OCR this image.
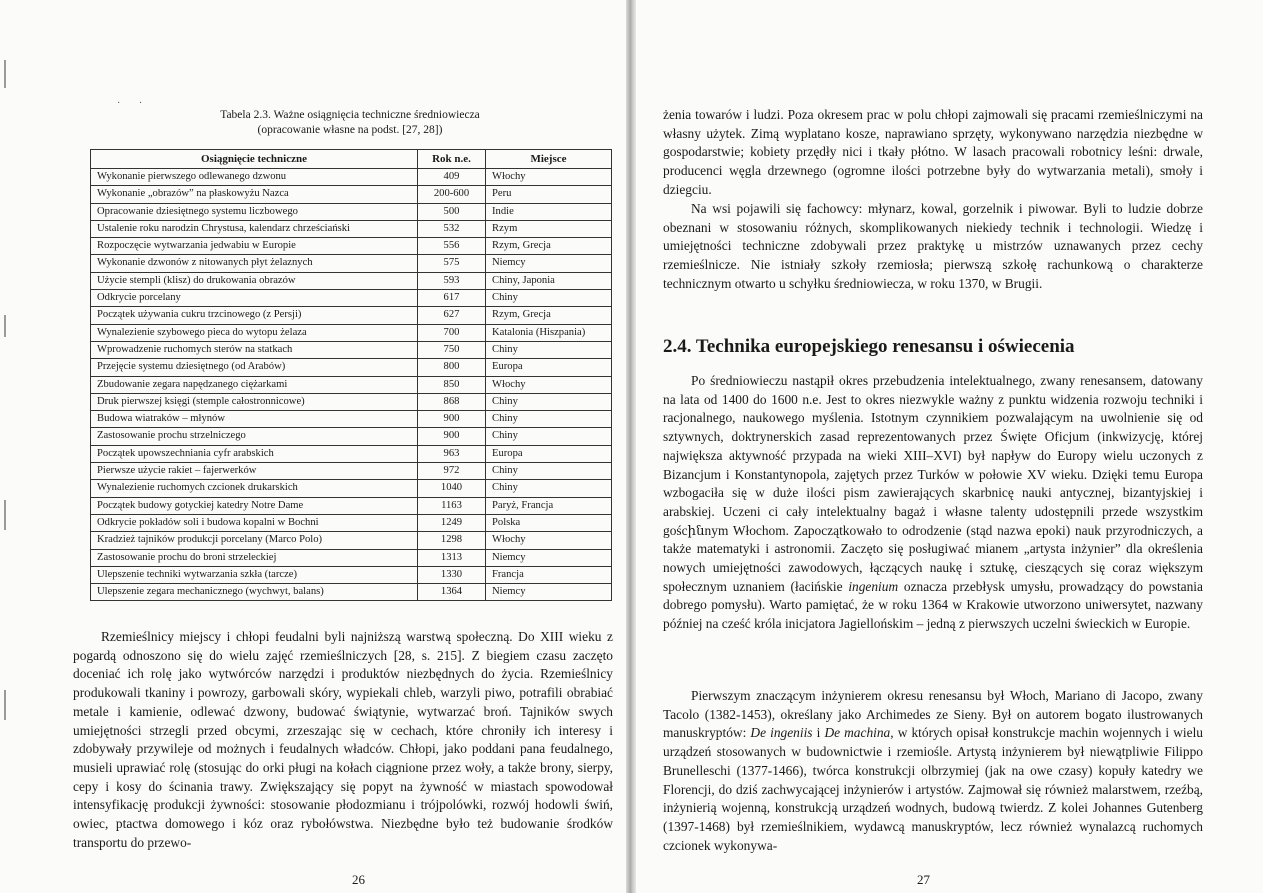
· ·
Tabela 2.3. Ważne osiągnięcia techniczne średniowiecza
(opracowanie własne na podst. [27, 28])
Osiągnięcie techniczne	Rok n.e.	Miejsce
Wykonanie pierwszego odlewanego dzwonu	409	Włochy
Wykonanie „obrazów” na płaskowyżu Nazca	200-600	Peru
Opracowanie dziesiętnego systemu liczbowego	500	Indie
Ustalenie roku narodzin Chrystusa, kalendarz chrześciański	532	Rzym
Rozpoczęcie wytwarzania jedwabiu w Europie	556	Rzym, Grecja
Wykonanie dzwonów z nitowanych płyt żelaznych	575	Niemcy
Użycie stempli (klisz) do drukowania obrazów	593	Chiny, Japonia
Odkrycie porcelany	617	Chiny
Początek używania cukru trzcinowego (z Persji)	627	Rzym, Grecja
Wynalezienie szybowego pieca do wytopu żelaza	700	Katalonia (Hiszpania)
Wprowadzenie ruchomych sterów na statkach	750	Chiny
Przejęcie systemu dziesiętnego (od Arabów)	800	Europa
Zbudowanie zegara napędzanego ciężarkami	850	Włochy
Druk pierwszej księgi (stemple całostronnicowe)	868	Chiny
Budowa wiatraków – młynów	900	Chiny
Zastosowanie prochu strzelniczego	900	Chiny
Początek upowszechniania cyfr arabskich	963	Europa
Pierwsze użycie rakiet – fajerwerków	972	Chiny
Wynalezienie ruchomych czcionek drukarskich	1040	Chiny
Początek budowy gotyckiej katedry Notre Dame	1163	Paryż, Francja
Odkrycie pokładów soli i budowa kopalni w Bochni	1249	Polska
Kradzież tajników produkcji porcelany (Marco Polo)	1298	Włochy
Zastosowanie prochu do broni strzeleckiej	1313	Niemcy
Ulepszenie techniki wytwarzania szkła (tarcze)	1330	Francja
Ulepszenie zegara mechanicznego (wychwyt, balans)	1364	Niemcy

Rzemieślnicy miejscy i chłopi feudalni byli najniższą warstwą społeczną. Do XIII wieku z pogardą odnoszono się do wielu zajęć rzemieślniczych [28, s. 215]. Z biegiem czasu zaczęto doceniać ich rolę jako wytwórców narzędzi i produktów niezbędnych do życia. Rzemieślnicy produkowali tkaniny i powrozy, garbowali skóry, wypiekali chleb, warzyli piwo, potrafili obrabiać metale i kamienie, odlewać dzwony, budować świątynie, wytwarzać broń. Tajników swych umiejętności strzegli przed obcymi, zrzeszając się w cechach, które chroniły ich interesy i zdobywały przywileje od możnych i feudalnych władców. Chłopi, jako poddani pana feudalnego, musieli uprawiać rolę (stosując do orki pługi na kołach ciągnione przez woły, a także brony, sierpy, cepy i kosy do ścinania trawy. Zwiększający się popyt na żywność w miastach spowodował intensyfikację produkcji żywności: stosowanie płodozmianu i trójpolówki, rozwój hodowli świń, owiec, ptactwa domowego i kóz oraz rybołówstwa. Niezbędne było też budowanie środków transportu do przewo-

26

żenia towarów i ludzi. Poza okresem prac w polu chłopi zajmowali się pracami rzemieślniczymi na własny użytek. Zimą wyplatano kosze, naprawiano sprzęty, wykonywano narzędzia niezbędne w gospodarstwie; kobiety przędły nici i tkały płótno. W lasach pracowali robotnicy leśni: drwale, producenci węgla drzewnego (ogromne ilości potrzebne były do wytwarzania metali), smoły i dziegciu.

Na wsi pojawili się fachowcy: młynarz, kowal, gorzelnik i piwowar. Byli to ludzie dobrze obeznani w stosowaniu różnych, skomplikowanych niekiedy technik i technologii. Wiedzę i umiejętności techniczne zdobywali przez praktykę u mistrzów uznawanych przez cechy rzemieślnicze. Nie istniały szkoły rzemiosła; pierwszą szkołę rachunkową o charakterze technicznym otwarto u schyłku średniowiecza, w roku 1370, w Brugii.

2.4. Technika europejskiego renesansu i oświecenia

Po średniowieczu nastąpił okres przebudzenia intelektualnego, zwany renesansem, datowany na lata od 1400 do 1600 n.e. Jest to okres niezwykle ważny z punktu widzenia rozwoju techniki i racjonalnego, naukowego myślenia. Istotnym czynnikiem pozwalającym na uwolnienie się od sztywnych, doktrynerskich zasad reprezentowanych przez Święte Oficjum (inkwizycję, której największa aktywność przypada na wieki XIII–XVI) był napływ do Europy wielu uczonych z Bizancjum i Konstantynopola, zajętych przez Turków w połowie XV wieku. Dzięki temu Europa wzbogaciła się w duże ilości pism zawierających skarbnicę nauki antycznej, bizantyjskiej i arabskiej. Uczeni ci cały intelektualny bagaż i własne talenty udostępnili przede wszystkim goścինnym Włochom. Zapoczątkowało to odrodzenie (stąd nazwa epoki) nauk przyrodniczych, a także matematyki i astronomii. Zaczęto się posługiwać mianem „artysta inżynier” dla określenia nowych umiejętności zawodowych, łączących naukę i sztukę, cieszących się coraz większym społecznym uznaniem (łacińskie ingenium oznacza przebłysk umysłu, prowadzący do powstania dobrego pomysłu). Warto pamiętać, że w roku 1364 w Krakowie utworzono uniwersytet, nazwany później na cześć króla inicjatora Jagiellońskim – jedną z pierwszych uczelni świeckich w Europie.

Pierwszym znaczącym inżynierem okresu renesansu był Włoch, Mariano di Jacopo, zwany Tacolo (1382-1453), określany jako Archimedes ze Sieny. Był on autorem bogato ilustrowanych manuskryptów: De ingeniis i De machina, w których opisał konstrukcje machin wojennych i wielu urządzeń stosowanych w budownictwie i rzemiośle. Artystą inżynierem był niewątpliwie Filippo Brunelleschi (1377-1466), twórca konstrukcji olbrzymiej (jak na owe czasy) kopuły katedry we Florencji, do dziś zachwycającej inżynierów i artystów. Zajmował się również malarstwem, rzeźbą, inżynierią wojenną, konstrukcją urządzeń wodnych, budową twierdz. Z kolei Johannes Gutenberg (1397-1468) był rzemieślnikiem, wydawcą manuskryptów, lecz również wynalazcą ruchomych czcionek wykonywa-

27
